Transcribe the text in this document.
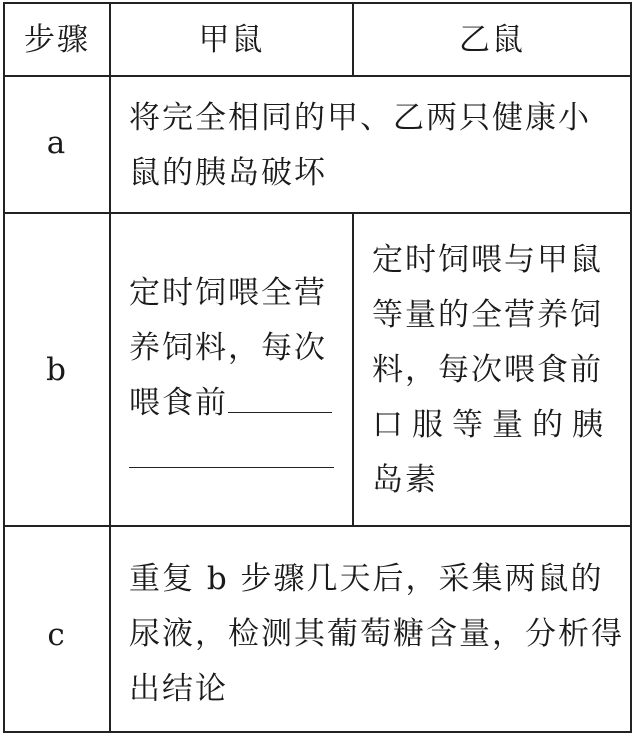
步骤	甲鼠	乙鼠
a
将完全相同的甲、乙两只健康小
鼠的胰岛破坏
b
定时饲喂全营
养饲料，每次
喂食前
定时饲喂与甲鼠
等量的全营养饲
料，每次喂食前
口服等量的胰
岛素
c
重复 b 步骤几天后，采集两鼠的
尿液，检测其葡萄糖含量，分析得
出结论
